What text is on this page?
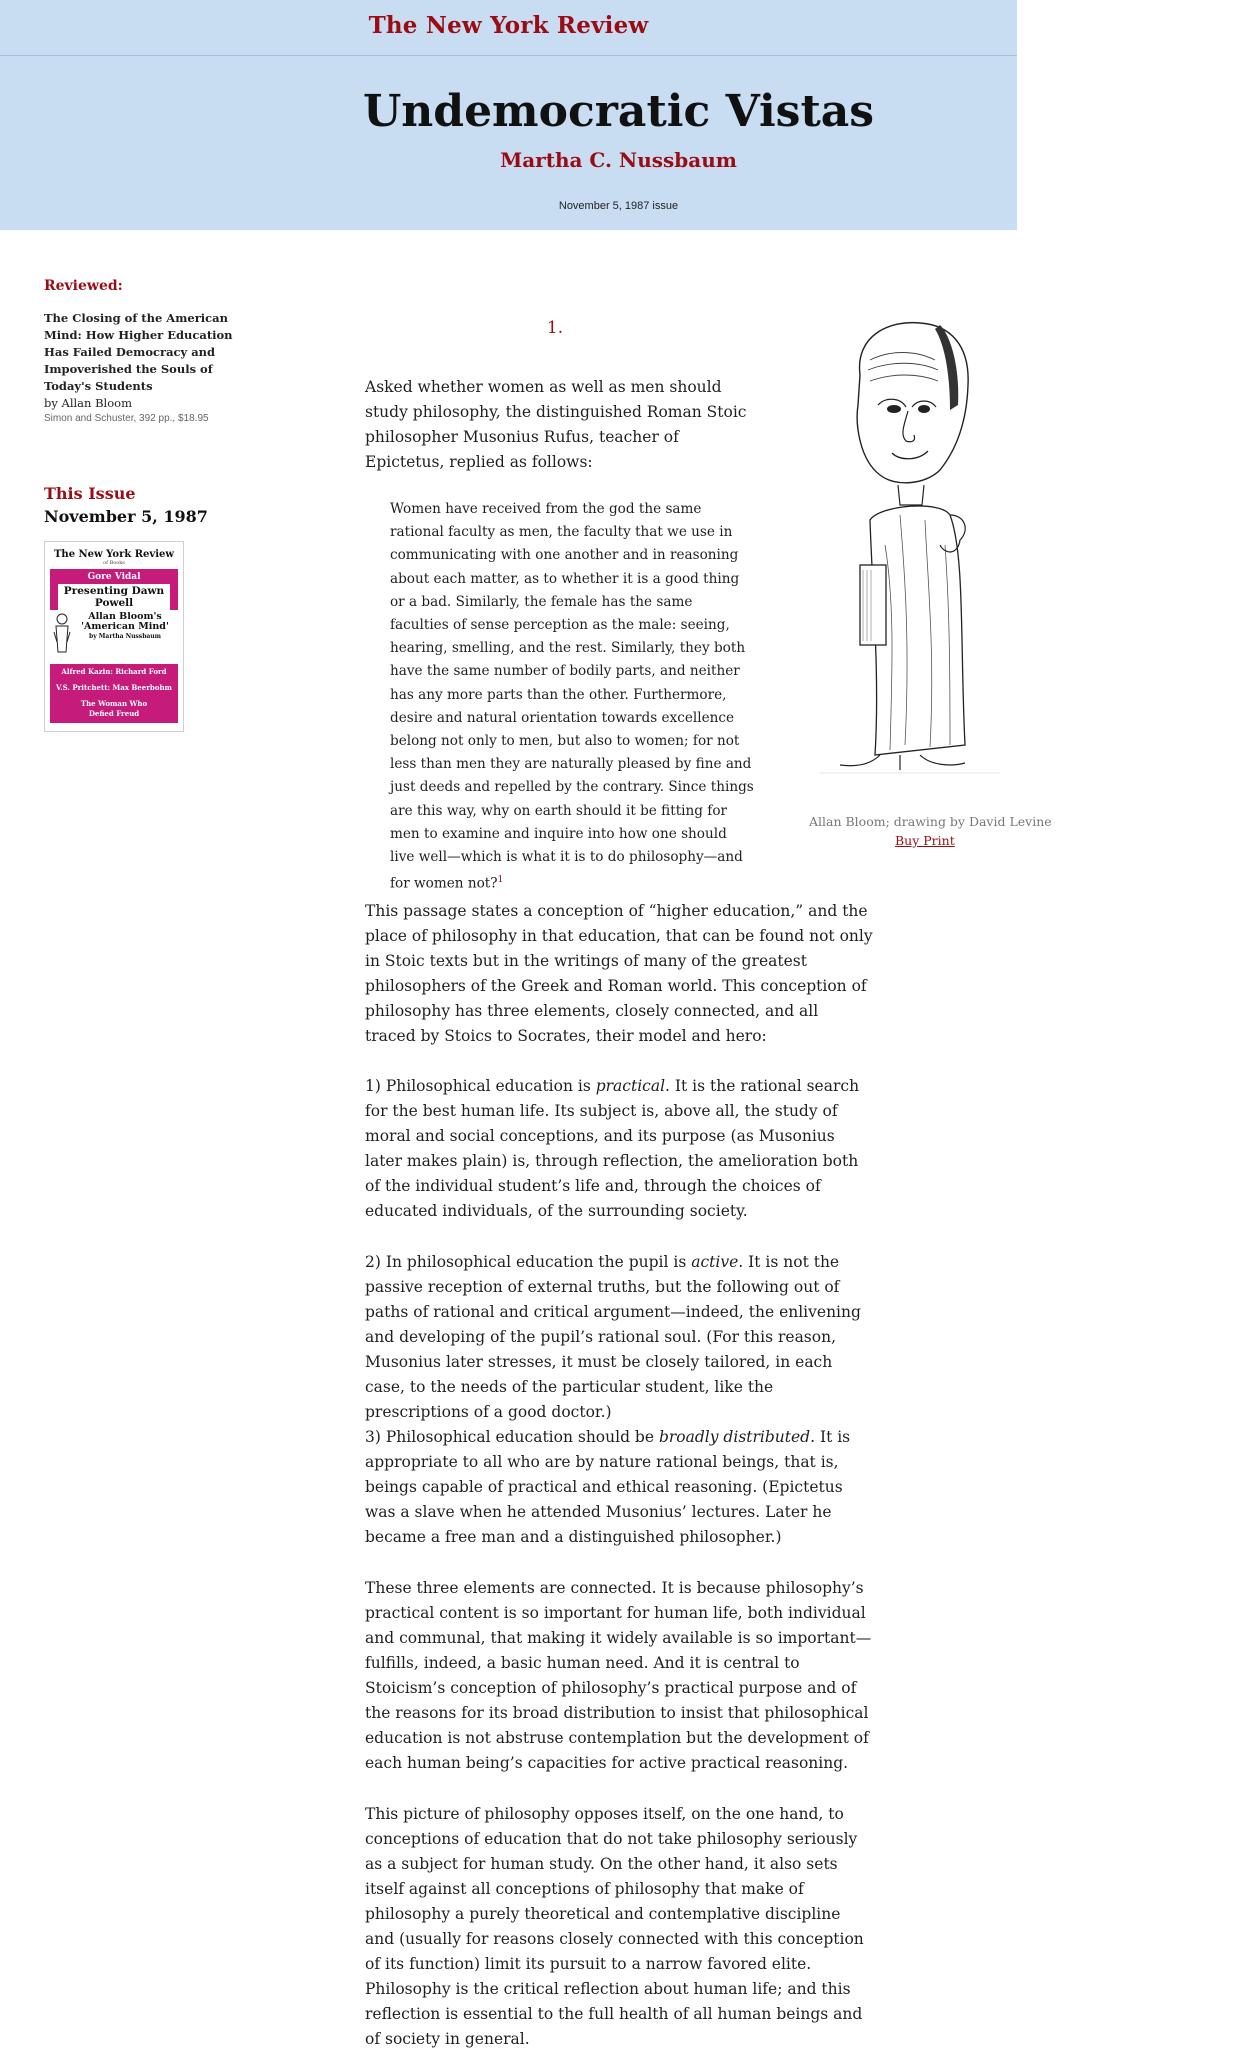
The New York Review
Undemocratic Vistas
Martha C. Nussbaum
November 5, 1987 issue
Reviewed:

The Closing of the American Mind: How Higher Education Has Failed Democracy and Impoverished the Souls of Today's Students

by Allan Bloom
Simon and Schuster, 392 pp., $18.95
This Issue
November 5, 1987
The New York Review
of Books
Gore Vidal
Presenting Dawn Powell
Allan Bloom's 'American Mind'
by Martha Nussbaum
Alfred Kazin: Richard Ford
V.S. Pritchett: Max Beerbohm
The Woman Who Defied Freud
1.

Asked whether women as well as men should study philosophy, the distinguished Roman Stoic philosopher Musonius Rufus, teacher of Epictetus, replied as follows:

Women have received from the god the same rational faculty as men, the faculty that we use in communicating with one another and in reasoning about each matter, as to whether it is a good thing or a bad. Similarly, the female has the same faculties of sense perception as the male: seeing, hearing, smelling, and the rest. Similarly, they both have the same number of bodily parts, and neither has any more parts than the other. Furthermore, desire and natural orientation towards excellence belong not only to men, but also to women; for not less than men they are naturally pleased by fine and just deeds and repelled by the contrary. Since things are this way, why on earth should it be fitting for men to examine and inquire into how one should live well—which is what it is to do philosophy—and for women not?$^1$

This passage states a conception of “higher education,” and the place of philosophy in that education, that can be found not only in Stoic texts but in the writings of many of the greatest philosophers of the Greek and Roman world. This conception of philosophy has three elements, closely connected, and all traced by Stoics to Socrates, their model and hero:

1) Philosophical education is practical. It is the rational search for the best human life. Its subject is, above all, the study of moral and social conceptions, and its purpose (as Musonius later makes plain) is, through reflection, the amelioration both of the individual student’s life and, through the choices of educated individuals, of the surrounding society.

2) In philosophical education the pupil is active. It is not the passive reception of external truths, but the following out of paths of rational and critical argument—indeed, the enlivening and developing of the pupil’s rational soul. (For this reason, Musonius later stresses, it must be closely tailored, in each case, to the needs of the particular student, like the prescriptions of a good doctor.)

3) Philosophical education should be broadly distributed. It is appropriate to all who are by nature rational beings, that is, beings capable of practical and ethical reasoning. (Epictetus was a slave when he attended Musonius’ lectures. Later he became a free man and a distinguished philosopher.)

These three elements are connected. It is because philosophy’s practical content is so important for human life, both individual and communal, that making it widely available is so important—fulfills, indeed, a basic human need. And it is central to Stoicism’s conception of philosophy’s practical purpose and of the reasons for its broad distribution to insist that philosophical education is not abstruse contemplation but the development of each human being’s capacities for active practical reasoning.

This picture of philosophy opposes itself, on the one hand, to conceptions of education that do not take philosophy seriously as a subject for human study. On the other hand, it also sets itself against all conceptions of philosophy that make of philosophy a purely theoretical and contemplative discipline and (usually for reasons closely connected with this conception of its function) limit its pursuit to a narrow favored elite. Philosophy is the critical reflection about human life; and this reflection is essential to the full health of all human beings and of society in general.

Allan Bloom; drawing by David Levine
Buy Print
